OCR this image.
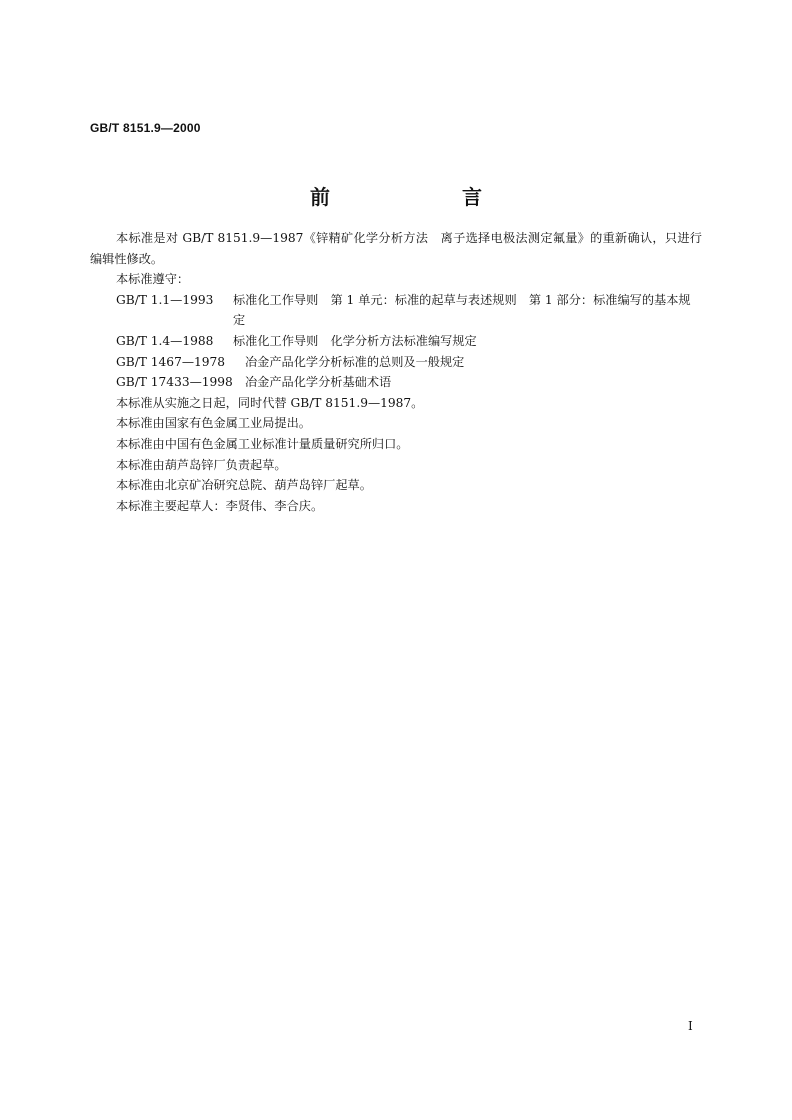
GB/T 8151.9—2000
前　言

本标准是对 GB/T 8151.9—1987《锌精矿化学分析方法　离子选择电极法测定氟量》的重新确认，只进行编辑性修改。

本标准遵守：

GB/T 1.1—1993	标准化工作导则　第 1 单元：标准的起草与表述规则　第 1 部分：标准编写的基本规定
GB/T 1.4—1988	标准化工作导则　化学分析方法标准编写规定
GB/T 1467—1978	冶金产品化学分析标准的总则及一般规定
GB/T 17433—1998	冶金产品化学分析基础术语

本标准从实施之日起，同时代替 GB/T 8151.9—1987。

本标准由国家有色金属工业局提出。

本标准由中国有色金属工业标准计量质量研究所归口。

本标准由葫芦岛锌厂负责起草。

本标准由北京矿冶研究总院、葫芦岛锌厂起草。

本标准主要起草人：李贤伟、李合庆。

I
